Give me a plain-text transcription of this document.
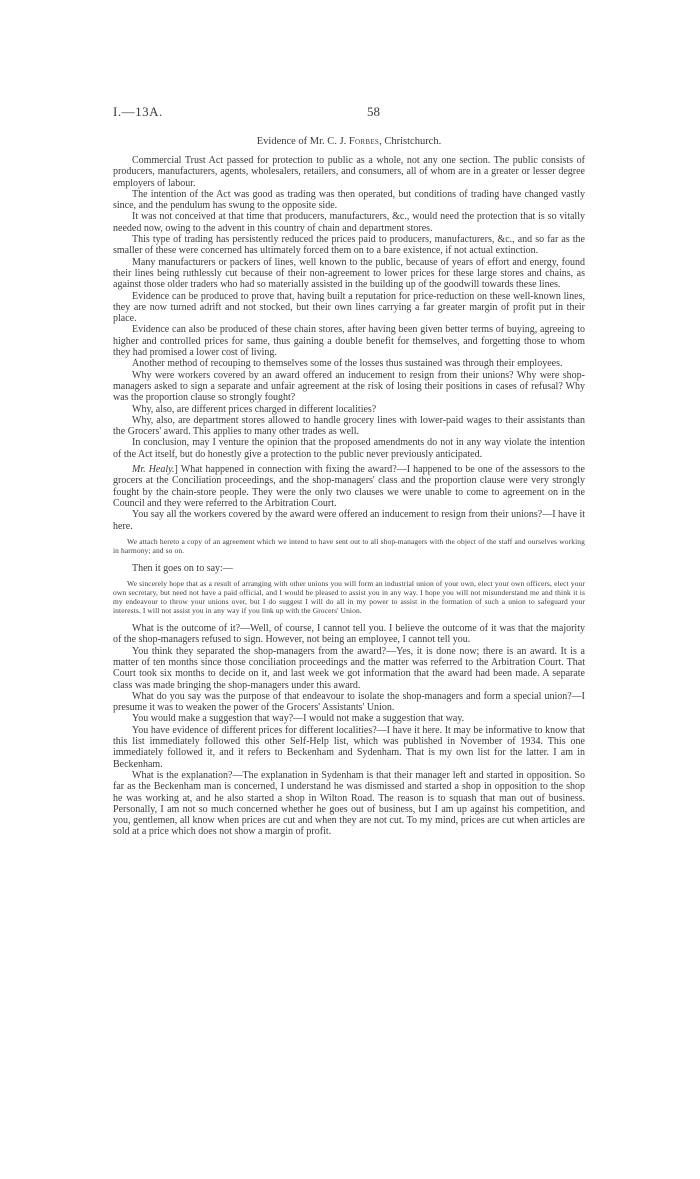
I.—13A.	58
Evidence of Mr. C. J. Forbes, Christchurch.

Commercial Trust Act passed for protection to public as a whole, not any one section. The public consists of producers, manufacturers, agents, wholesalers, retailers, and consumers, all of whom are in a greater or lesser degree employers of labour.

The intention of the Act was good as trading was then operated, but conditions of trading have changed vastly since, and the pendulum has swung to the opposite side.

It was not conceived at that time that producers, manufacturers, &c., would need the protection that is so vitally needed now, owing to the advent in this country of chain and department stores.

This type of trading has persistently reduced the prices paid to producers, manufacturers, &c., and so far as the smaller of these were concerned has ultimately forced them on to a bare existence, if not actual extinction.

Many manufacturers or packers of lines, well known to the public, because of years of effort and energy, found their lines being ruthlessly cut because of their non-agreement to lower prices for these large stores and chains, as against those older traders who had so materially assisted in the building up of the goodwill towards these lines.

Evidence can be produced to prove that, having built a reputation for price-reduction on these well-known lines, they are now turned adrift and not stocked, but their own lines carrying a far greater margin of profit put in their place.

Evidence can also be produced of these chain stores, after having been given better terms of buying, agreeing to higher and controlled prices for same, thus gaining a double benefit for themselves, and forgetting those to whom they had promised a lower cost of living.

Another method of recouping to themselves some of the losses thus sustained was through their employees.

Why were workers covered by an award offered an inducement to resign from their unions? Why were shop-managers asked to sign a separate and unfair agreement at the risk of losing their positions in cases of refusal? Why was the proportion clause so strongly fought?

Why, also, are different prices charged in different localities?

Why, also, are department stores allowed to handle grocery lines with lower-paid wages to their assistants than the Grocers' award. This applies to many other trades as well.

In conclusion, may I venture the opinion that the proposed amendments do not in any way violate the intention of the Act itself, but do honestly give a protection to the public never previously anticipated.

Mr. Healy.] What happened in connection with fixing the award?—I happened to be one of the assessors to the grocers at the Conciliation proceedings, and the shop-managers' class and the proportion clause were very strongly fought by the chain-store people. They were the only two clauses we were unable to come to agreement on in the Council and they were referred to the Arbitration Court.

You say all the workers covered by the award were offered an inducement to resign from their unions?—I have it here.

We attach hereto a copy of an agreement which we intend to have sent out to all shop-managers with the object of the staff and ourselves working in harmony; and so on.

Then it goes on to say:—

We sincerely hope that as a result of arranging with other unions you will form an industrial union of your own, elect your own officers, elect your own secretary, but need not have a paid official, and I would be pleased to assist you in any way. I hope you will not misunderstand me and think it is my endeavour to throw your unions over, but I do suggest I will do all in my power to assist in the formation of such a union to safeguard your interests. I will not assist you in any way if you link up with the Grocers' Union.

What is the outcome of it?—Well, of course, I cannot tell you. I believe the outcome of it was that the majority of the shop-managers refused to sign. However, not being an employee, I cannot tell you.

You think they separated the shop-managers from the award?—Yes, it is done now; there is an award. It is a matter of ten months since those conciliation proceedings and the matter was referred to the Arbitration Court. That Court took six months to decide on it, and last week we got information that the award had been made. A separate class was made bringing the shop-managers under this award.

What do you say was the purpose of that endeavour to isolate the shop-managers and form a special union?—I presume it was to weaken the power of the Grocers' Assistants' Union.

You would make a suggestion that way?—I would not make a suggestion that way.

You have evidence of different prices for different localities?—I have it here. It may be informative to know that this list immediately followed this other Self-Help list, which was published in November of 1934. This one immediately followed it, and it refers to Beckenham and Sydenham. That is my own list for the latter. I am in Beckenham.

What is the explanation?—The explanation in Sydenham is that their manager left and started in opposition. So far as the Beckenham man is concerned, I understand he was dismissed and started a shop in opposition to the shop he was working at, and he also started a shop in Wilton Road. The reason is to squash that man out of business. Personally, I am not so much concerned whether he goes out of business, but I am up against his competition, and you, gentlemen, all know when prices are cut and when they are not cut. To my mind, prices are cut when articles are sold at a price which does not show a margin of profit.
